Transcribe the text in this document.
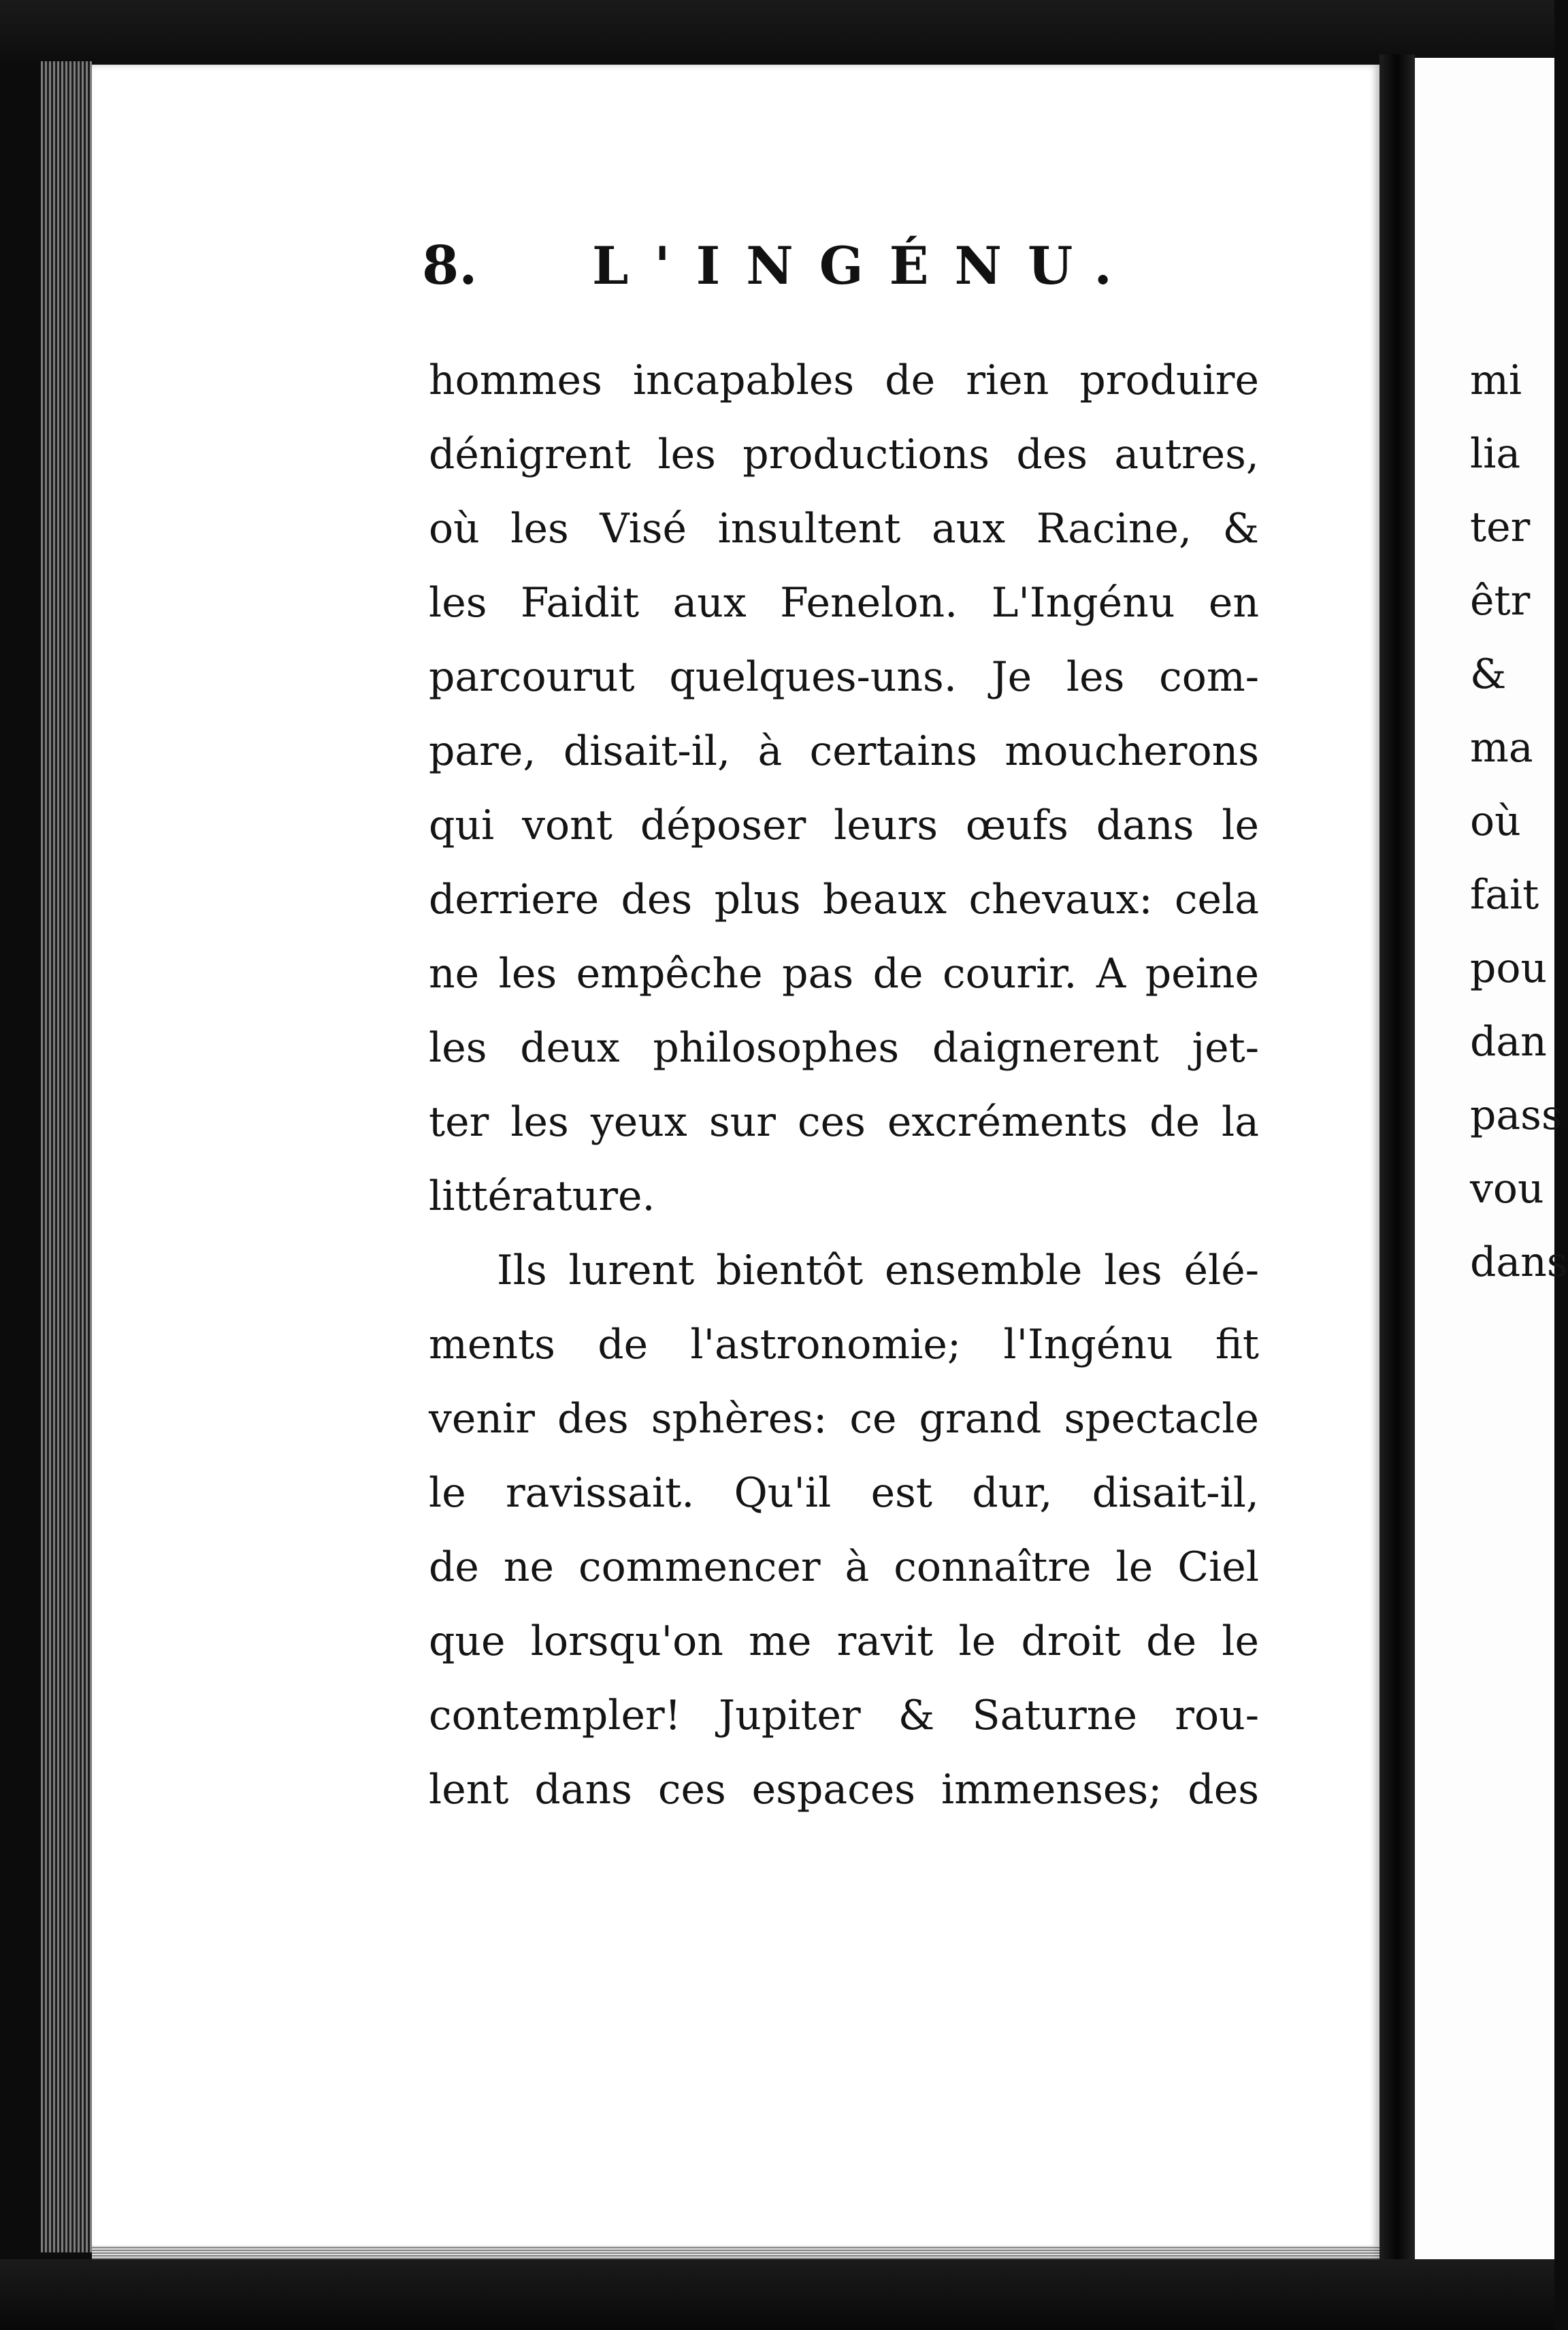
8.	L'INGÉNU.
hommes incapables de rien produire
dénigrent les productions des autres,
où les Visé insultent aux Racine, &
les Faidit aux Fenelon. L'Ingénu en
parcourut quelques-uns. Je les com-
pare, disait-il, à certains moucherons
qui vont déposer leurs œufs dans le
derriere des plus beaux chevaux: cela
ne les empêche pas de courir. A peine
les deux philosophes daignerent jet-
ter les yeux sur ces excréments de la
littérature.
Ils lurent bientôt ensemble les élé-
ments de l'astronomie; l'Ingénu fit
venir des sphères: ce grand spectacle
le ravissait. Qu'il est dur, disait-il,
de ne commencer à connaître le Ciel
que lorsqu'on me ravit le droit de le
contempler! Jupiter & Saturne rou-
lent dans ces espaces immenses; des
mi
lia
ter
êtr
&
ma
où
fait
pou
dan
pass
vou
dans
